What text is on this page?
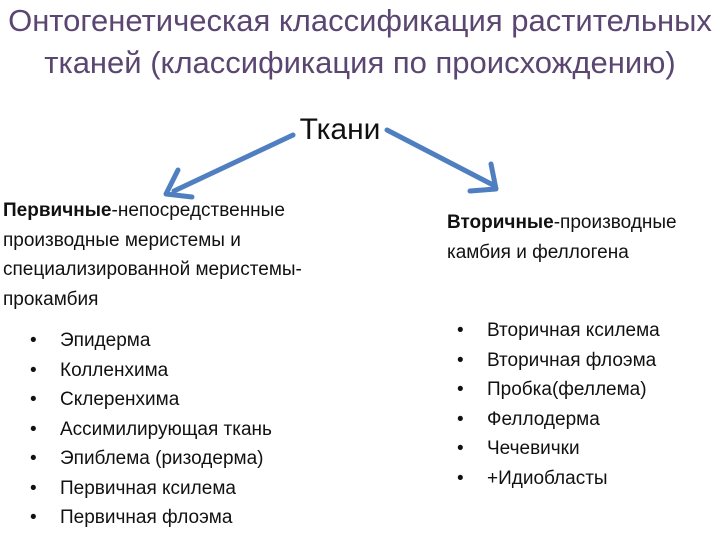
Онтогенетическая классификация растительных тканей (классификация по происхождению)
Ткани
Первичные-непосредственные производные меристемы и специализированной меристемы-прокамбия
• Эпидерма
• Колленхима
• Склеренхима
• Ассимилирующая ткань
• Эпиблема (ризодерма)
• Первичная ксилема
• Первичная флоэма
Вторичные-производные камбия и феллогена
• Вторичная ксилема
• Вторичная флоэма
• Пробка(феллема)
• Феллодерма
• Чечевички
• +Идиобласты
